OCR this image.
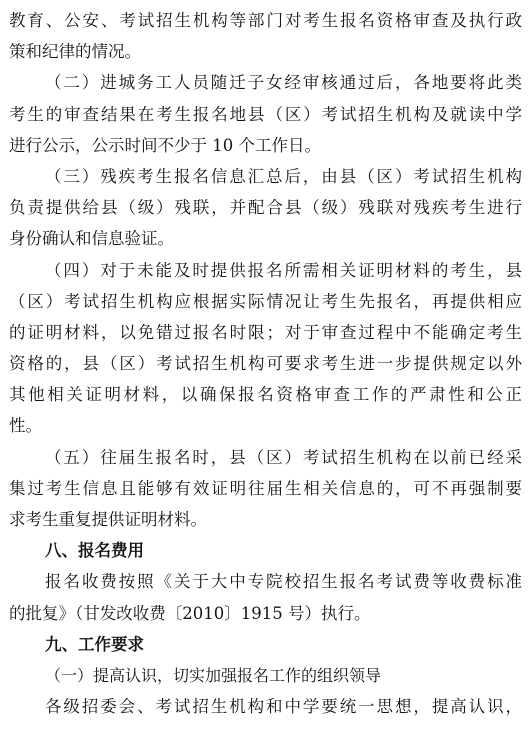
教育、公安、考试招生机构等部门对考生报名资格审查及执行政
策和纪律的情况。
（二）进城务工人员随迁子女经审核通过后，各地要将此类
考生的审查结果在考生报名地县（区）考试招生机构及就读中学
进行公示，公示时间不少于 10 个工作日。
（三）残疾考生报名信息汇总后，由县（区）考试招生机构
负责提供给县（级）残联，并配合县（级）残联对残疾考生进行
身份确认和信息验证。
（四）对于未能及时提供报名所需相关证明材料的考生，县
（区）考试招生机构应根据实际情况让考生先报名，再提供相应
的证明材料，以免错过报名时限；对于审查过程中不能确定考生
资格的，县（区）考试招生机构可要求考生进一步提供规定以外
其他相关证明材料，以确保报名资格审查工作的严肃性和公正
性。
（五）往届生报名时，县（区）考试招生机构在以前已经采
集过考生信息且能够有效证明往届生相关信息的，可不再强制要
求考生重复提供证明材料。
八、报名费用
报名收费按照《关于大中专院校招生报名考试费等收费标准
的批复》（甘发改收费〔2010〕1915 号）执行。
九、工作要求
（一）提高认识，切实加强报名工作的组织领导
各级招委会、考试招生机构和中学要统一思想，提高认识，
